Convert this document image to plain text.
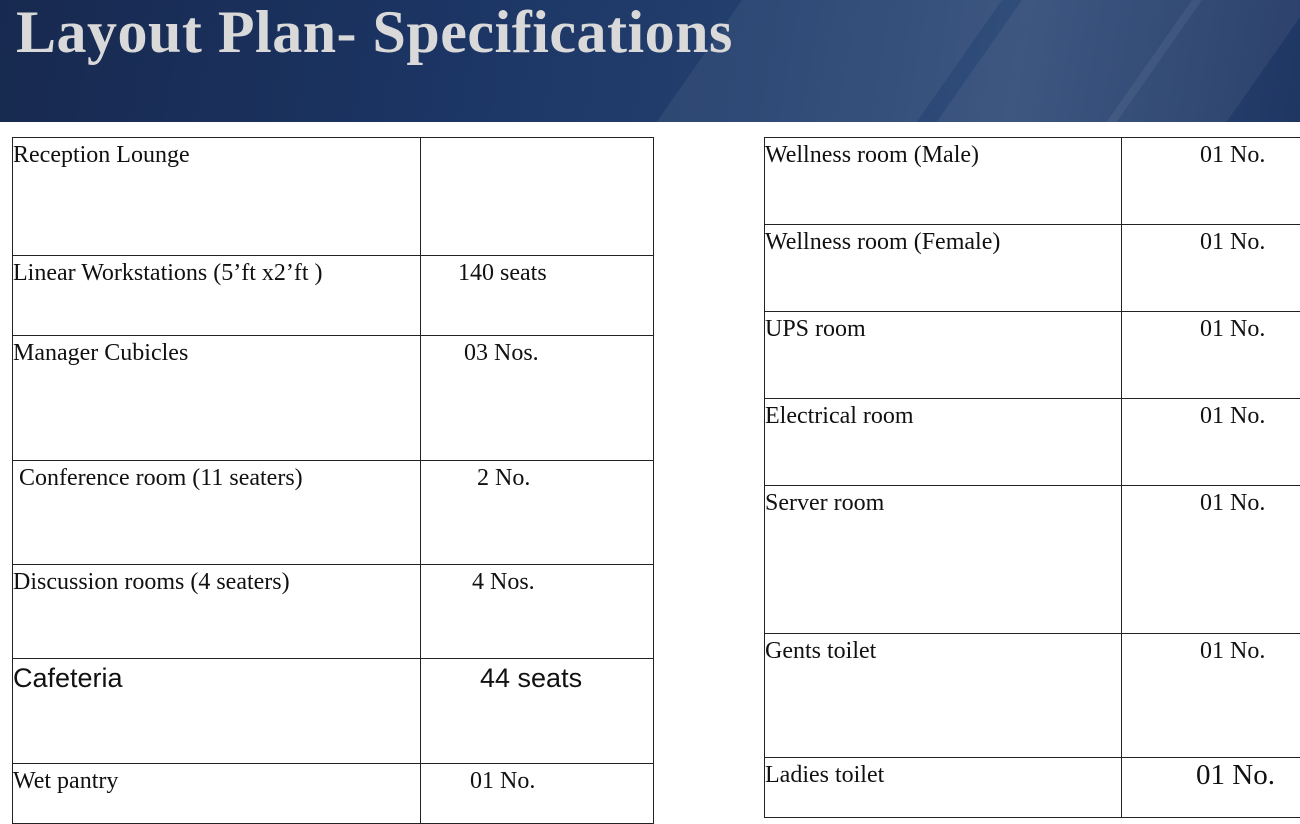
Layout Plan- Specifications
Reception Lounge	
Linear Workstations (5’ft x2’ft )	140 seats
Manager Cubicles	03 Nos.
Conference room (11 seaters)	2 No.
Discussion rooms (4 seaters)	4 Nos.
Cafeteria	44 seats
Wet pantry	01 No.
Wellness room (Male)	01 No.
Wellness room (Female)	01 No.
UPS room	01 No.
Electrical room	01 No.
Server room	01 No.
Gents toilet	01 No.
Ladies toilet	01 No.
